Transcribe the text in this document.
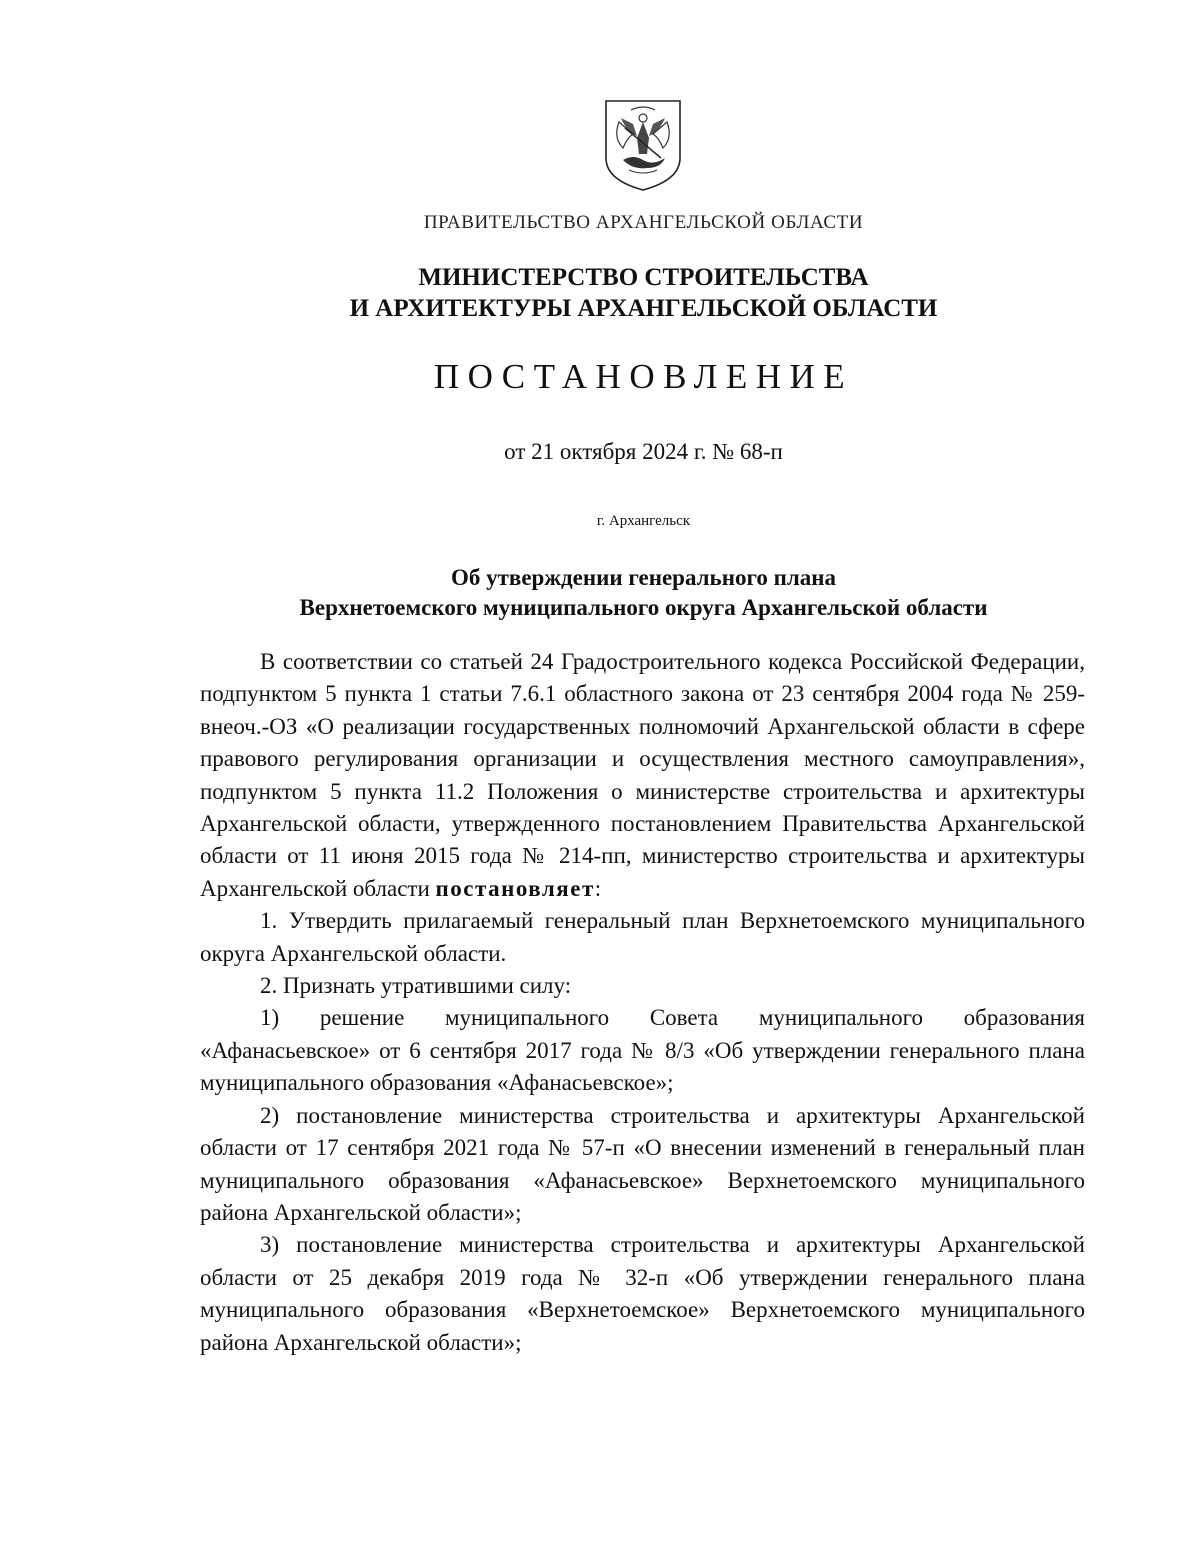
ПРАВИТЕЛЬСТВО АРХАНГЕЛЬСКОЙ ОБЛАСТИ
МИНИСТЕРСТВО СТРОИТЕЛЬСТВА
И АРХИТЕКТУРЫ АРХАНГЕЛЬСКОЙ ОБЛАСТИ
ПОСТАНОВЛЕНИЕ
от 21 октября 2024 г. № 68-п
г. Архангельск
Об утверждении генерального плана
Верхнетоемского муниципального округа Архангельской области

В соответствии со статьей 24 Градостроительного кодекса Российской Федерации, подпунктом 5 пункта 1 статьи 7.6.1 областного закона от 23 сентября 2004 года № 259-внеоч.-ОЗ «О реализации государственных полномочий Архангельской области в сфере правового регулирования организации и осуществления местного самоуправления», подпунктом 5 пункта 11.2 Положения о министерстве строительства и архитектуры Архангельской области, утвержденного постановлением Правительства Архангельской области от 11 июня 2015 года № 214-пп, министерство строительства и архитектуры Архангельской области постановляет:

1. Утвердить прилагаемый генеральный план Верхнетоемского муниципального округа Архангельской области.

2. Признать утратившими силу:

1) решение муниципального Совета муниципального образования «Афанасьевское» от 6 сентября 2017 года № 8/3 «Об утверждении генерального плана муниципального образования «Афанасьевское»;

2) постановление министерства строительства и архитектуры Архангельской области от 17 сентября 2021 года № 57-п «О внесении изменений в генеральный план муниципального образования «Афанасьевское» Верхнетоемского муниципального района Архангельской области»;

3) постановление министерства строительства и архитектуры Архангельской области от 25 декабря 2019 года № 32-п «Об утверждении генерального плана муниципального образования «Верхнетоемское» Верхнетоемского муниципального района Архангельской области»;
